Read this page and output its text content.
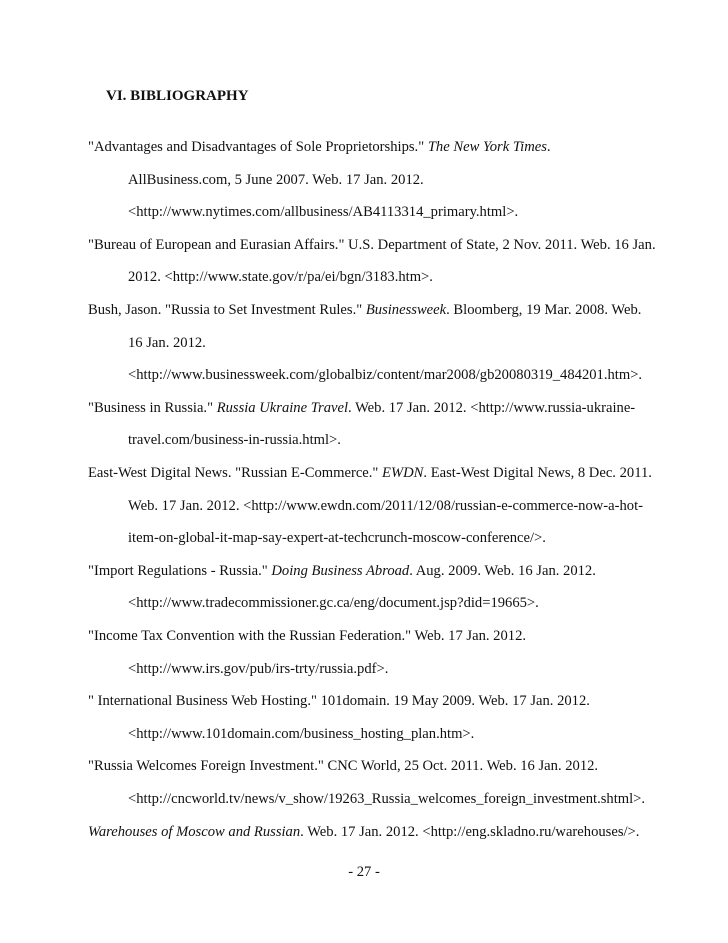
VI. BIBLIOGRAPHY
"Advantages and Disadvantages of Sole Proprietorships." The New York Times.
AllBusiness.com, 5 June 2007. Web. 17 Jan. 2012.
<http://www.nytimes.com/allbusiness/AB4113314_primary.html>.
"Bureau of European and Eurasian Affairs." U.S. Department of State, 2 Nov. 2011. Web. 16 Jan.
2012. <http://www.state.gov/r/pa/ei/bgn/3183.htm>.
Bush, Jason. "Russia to Set Investment Rules." Businessweek. Bloomberg, 19 Mar. 2008. Web.
16 Jan. 2012.
<http://www.businessweek.com/globalbiz/content/mar2008/gb20080319_484201.htm>.
"Business in Russia." Russia Ukraine Travel. Web. 17 Jan. 2012. <http://www.russia-ukraine-
travel.com/business-in-russia.html>.
East-West Digital News. "Russian E-Commerce." EWDN. East-West Digital News, 8 Dec. 2011.
Web. 17 Jan. 2012. <http://www.ewdn.com/2011/12/08/russian-e-commerce-now-a-hot-
item-on-global-it-map-say-expert-at-techcrunch-moscow-conference/>.
"Import Regulations - Russia." Doing Business Abroad. Aug. 2009. Web. 16 Jan. 2012.
<http://www.tradecommissioner.gc.ca/eng/document.jsp?did=19665>.
"Income Tax Convention with the Russian Federation." Web. 17 Jan. 2012.
<http://www.irs.gov/pub/irs-trty/russia.pdf>.
" International Business Web Hosting." 101domain. 19 May 2009. Web. 17 Jan. 2012.
<http://www.101domain.com/business_hosting_plan.htm>.
"Russia Welcomes Foreign Investment." CNC World, 25 Oct. 2011. Web. 16 Jan. 2012.
<http://cncworld.tv/news/v_show/19263_Russia_welcomes_foreign_investment.shtml>.
Warehouses of Moscow and Russian. Web. 17 Jan. 2012. <http://eng.skladno.ru/warehouses/>.
- 27 -
